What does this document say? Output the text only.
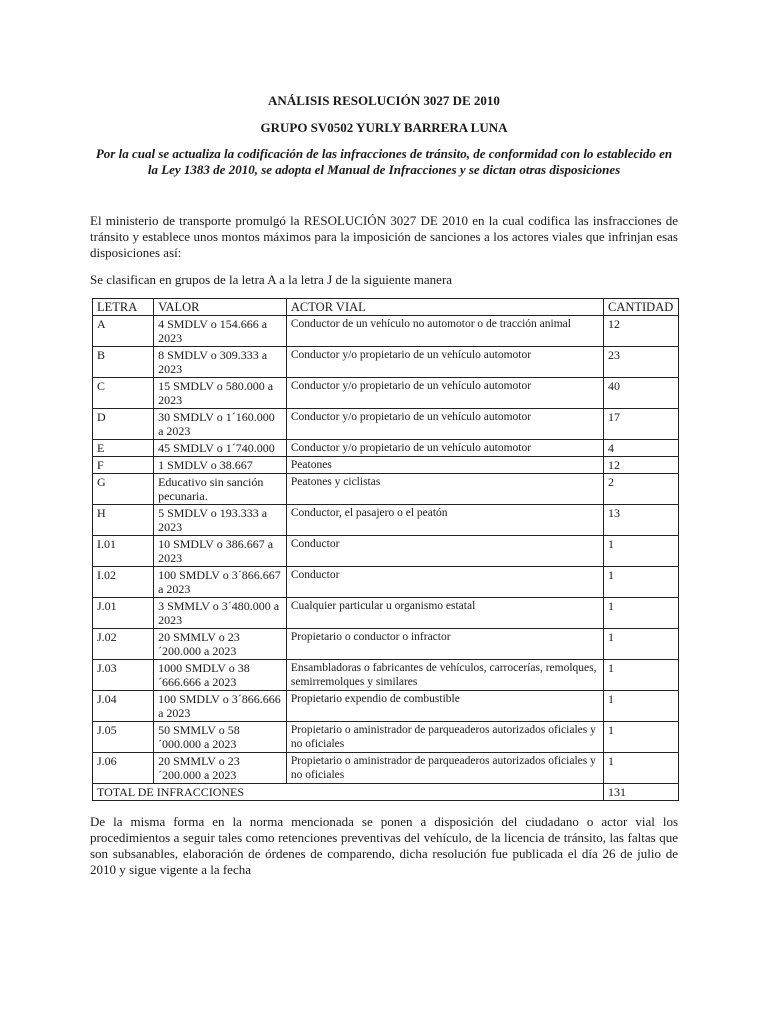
ANÁLISIS RESOLUCIÓN 3027 DE 2010
GRUPO SV0502 YURLY BARRERA LUNA
Por la cual se actualiza la codificación de las infracciones de tránsito, de conformidad con lo establecido en la Ley 1383 de 2010, se adopta el Manual de Infracciones y se dictan otras disposiciones
El ministerio de transporte promulgó la RESOLUCIÓN 3027 DE 2010 en la cual codifica las insfracciones de tránsito y establece unos montos máximos para la imposición de sanciones a los actores viales que infrinjan esas disposiciones así:
Se clasifican en grupos de la letra A a la letra J de la siguiente manera
LETRA	VALOR	ACTOR VIAL	CANTIDAD
A	4 SMDLV o 154.666 a 2023	Conductor de un vehículo no automotor o de tracción animal	12
B	8 SMDLV o 309.333 a 2023	Conductor y/o propietario de un vehículo automotor	23
C	15 SMDLV o 580.000 a 2023	Conductor y/o propietario de un vehículo automotor	40
D	30 SMDLV o 1´160.000 a 2023	Conductor y/o propietario de un vehículo automotor	17
E	45 SMDLV o 1´740.000	Conductor y/o propietario de un vehículo automotor	4
F	1 SMDLV o 38.667	Peatones	12
G	Educativo sin sanción pecunaria.	Peatones y ciclistas	2
H	5 SMDLV o 193.333 a 2023	Conductor, el pasajero o el peatón	13
I.01	10 SMDLV o 386.667 a 2023	Conductor	1
I.02	100 SMDLV o 3´866.667 a 2023	Conductor	1
J.01	3 SMMLV o 3´480.000 a 2023	Cualquier particular u organismo estatal	1
J.02	20 SMMLV o 23´200.000 a 2023	Propietario o conductor o infractor	1
J.03	1000 SMDLV o 38´666.666 a 2023	Ensambladoras o fabricantes de vehículos, carrocerías, remolques, semirremolques y similares	1
J.04	100 SMDLV o 3´866.666 a 2023	Propietario expendio de combustible	1
J.05	50 SMMLV o 58´000.000 a 2023	Propietario o aministrador de parqueaderos autorizados oficiales y no oficiales	1
J.06	20 SMMLV o 23´200.000 a 2023	Propietario o aministrador de parqueaderos autorizados oficiales y no oficiales	1
TOTAL DE INFRACCIONES			131
De la misma forma en la norma mencionada se ponen a disposición del ciudadano o actor vial los procedimientos a seguir tales como retenciones preventivas del vehículo, de la licencia de tránsito, las faltas que son subsanables, elaboración de órdenes de comparendo, dicha resolución fue publicada el día 26 de julio de 2010 y sigue vigente a la fecha
